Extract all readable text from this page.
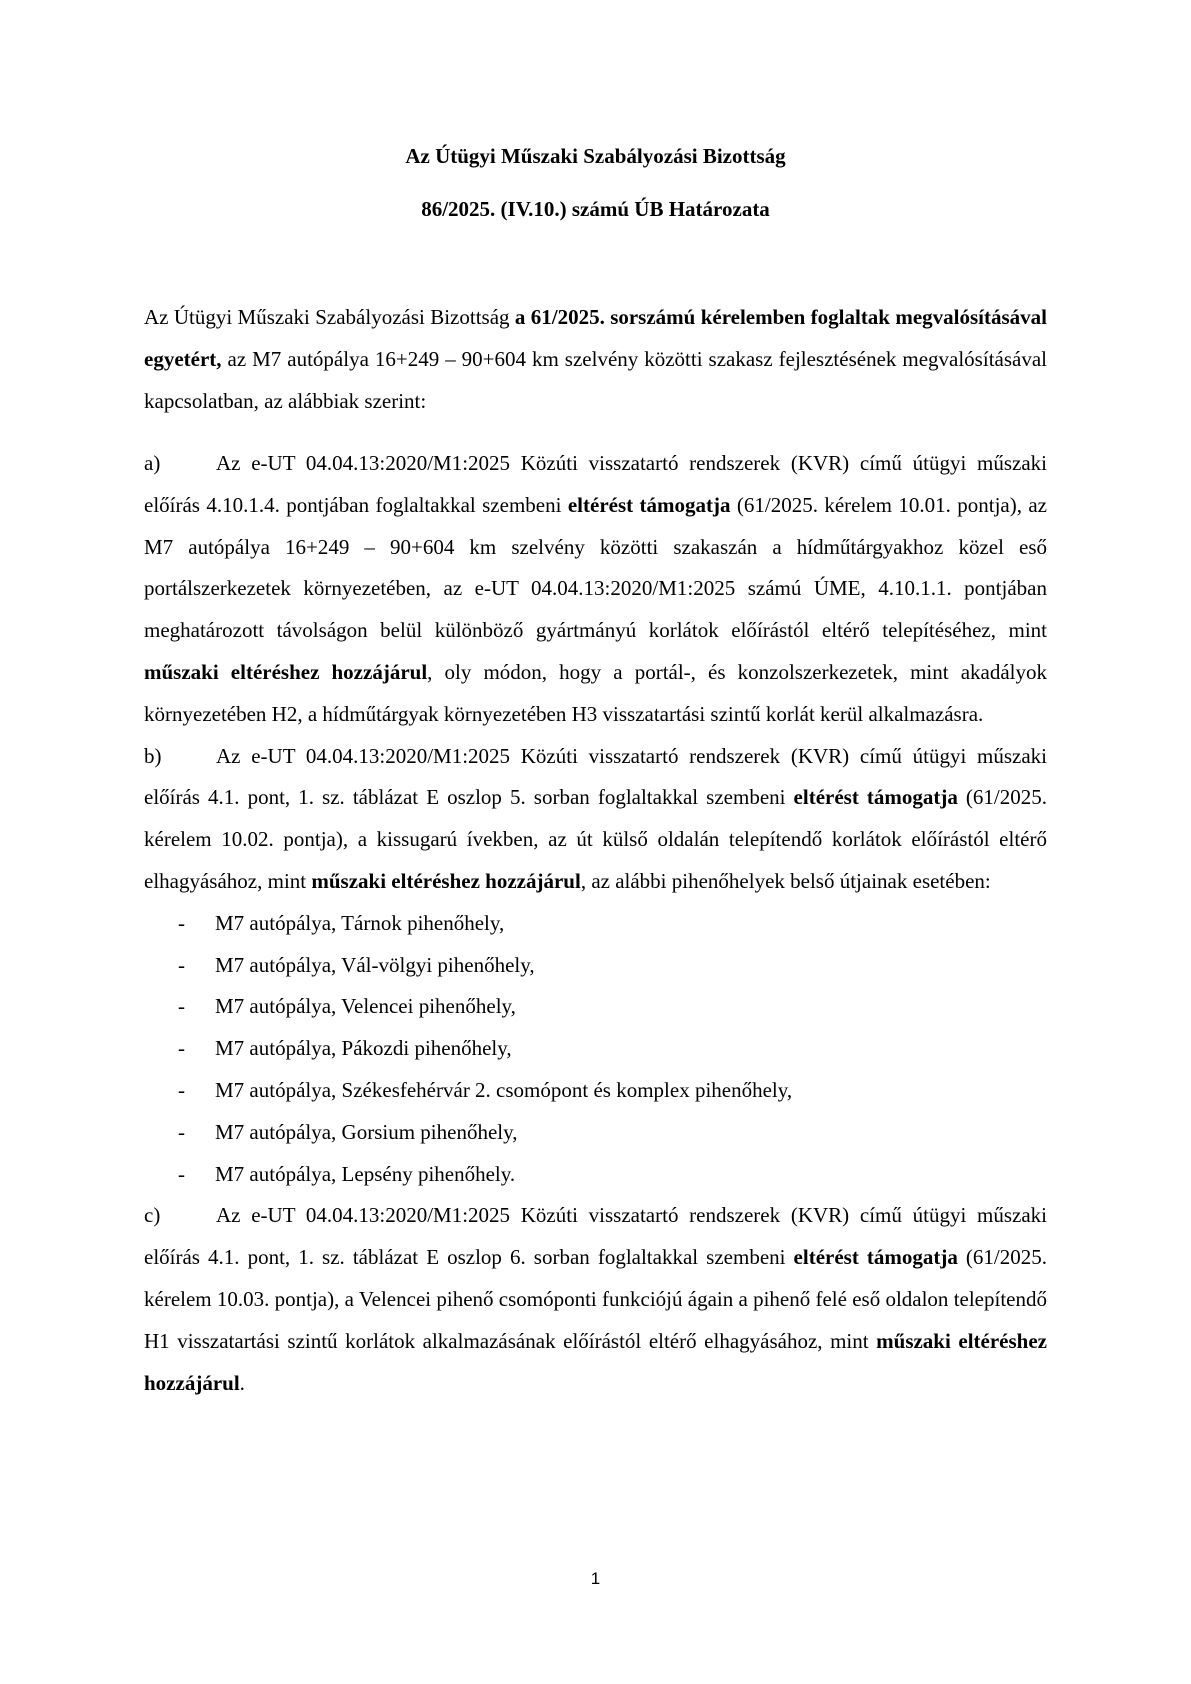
Az Útügyi Műszaki Szabályozási Bizottság
86/2025. (IV.10.) számú ÚB Határozata
Az Útügyi Műszaki Szabályozási Bizottság a 61/2025. sorszámú kérelemben foglaltak megvalósításával egyetért, az M7 autópálya 16+249 – 90+604 km szelvény közötti szakasz fejlesztésének megvalósításával kapcsolatban, az alábbiak szerint:

a)	Az e-UT 04.04.13:2020/M1:2025 Közúti visszatartó rendszerek (KVR) című útügyi műszaki előírás 4.10.1.4. pontjában foglaltakkal szembeni eltérést támogatja (61/2025. kérelem 10.01. pontja), az M7 autópálya 16+249 – 90+604 km szelvény közötti szakaszán a hídműtárgyakhoz közel eső portálszerkezetek környezetében, az e-UT 04.04.13:2020/M1:2025 számú ÚME, 4.10.1.1. pontjában meghatározott távolságon belül különböző gyártmányú korlátok előírástól eltérő telepítéséhez, mint műszaki eltéréshez hozzájárul, oly módon, hogy a portál-, és konzolszerkezetek, mint akadályok környezetében H2, a hídműtárgyak környezetében H3 visszatartási szintű korlát kerül alkalmazásra.

b)	Az e-UT 04.04.13:2020/M1:2025 Közúti visszatartó rendszerek (KVR) című útügyi műszaki előírás 4.1. pont, 1. sz. táblázat E oszlop 5. sorban foglaltakkal szembeni eltérést támogatja (61/2025. kérelem 10.02. pontja), a kissugarú ívekben, az út külső oldalán telepítendő korlátok előírástól eltérő elhagyásához, mint műszaki eltéréshez hozzájárul, az alábbi pihenőhelyek belső útjainak esetében:

- M7 autópálya, Tárnok pihenőhely,
- M7 autópálya, Vál-völgyi pihenőhely,
- M7 autópálya, Velencei pihenőhely,
- M7 autópálya, Pákozdi pihenőhely,
- M7 autópálya, Székesfehérvár 2. csomópont és komplex pihenőhely,
- M7 autópálya, Gorsium pihenőhely,
- M7 autópálya, Lepsény pihenőhely.

c)	Az e-UT 04.04.13:2020/M1:2025 Közúti visszatartó rendszerek (KVR) című útügyi műszaki előírás 4.1. pont, 1. sz. táblázat E oszlop 6. sorban foglaltakkal szembeni eltérést támogatja (61/2025. kérelem 10.03. pontja), a Velencei pihenő csomóponti funkciójú ágain a pihenő felé eső oldalon telepítendő H1 visszatartási szintű korlátok alkalmazásának előírástól eltérő elhagyásához, mint műszaki eltéréshez hozzájárul.

1
